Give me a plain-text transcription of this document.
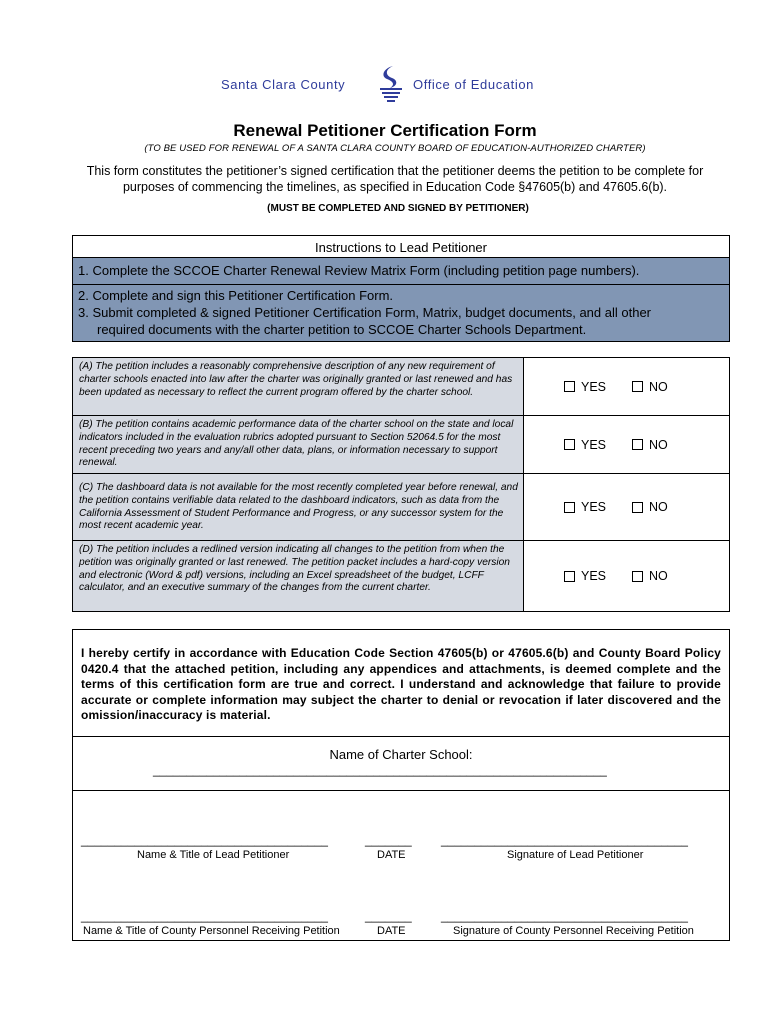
Santa Clara County	Office of Education
Renewal Petitioner Certification Form
(TO BE USED FOR RENEWAL OF A SANTA CLARA COUNTY BOARD OF EDUCATION-AUTHORIZED CHARTER)
This form constitutes the petitioner’s signed certification that the petitioner deems the petition to be complete for purposes of commencing the timelines, as specified in Education Code §47605(b) and 47605.6(b).
(MUST BE COMPLETED AND SIGNED BY PETITIONER)
Instructions to Lead Petitioner
1. Complete the SCCOE Charter Renewal Review Matrix Form (including petition page numbers).
2. Complete and sign this Petitioner Certification Form.
3. Submit completed & signed Petitioner Certification Form, Matrix, budget documents, and all other
required documents with the charter petition to SCCOE Charter Schools Department.
(A) The petition includes a reasonably comprehensive description of any new requirement of charter schools enacted into law after the charter was originally granted or last renewed and has been updated as necessary to reflect the current program offered by the charter school.	YES	NO
(B) The petition contains academic performance data of the charter school on the state and local indicators included in the evaluation rubrics adopted pursuant to Section 52064.5 for the most recent preceding two years and any/all other data, plans, or information necessary to support renewal.
YES	NO
(C) The dashboard data is not available for the most recently completed year before renewal, and the petition contains verifiable data related to the dashboard indicators, such as data from the California Assessment of Student Performance and Progress, or any successor system for the most recent academic year.
YES	NO
(D) The petition includes a redlined version indicating all changes to the petition from when the petition was originally granted or last renewed. The petition packet includes a hard-copy version and electronic (Word & pdf) versions, including an Excel spreadsheet of the budget, LCFF calculator, and an executive summary of the changes from the current charter.
YES	NO
I hereby certify in accordance with Education Code Section 47605(b) or 47605.6(b) and County Board Policy 0420.4 that the attached petition, including any appendices and attachments, is deemed complete and the terms of this certification form are true and correct. I understand and acknowledge that failure to provide accurate or complete information may subject the charter to denial or revocation if later discovered and the omission/inaccuracy is material.
Name of Charter School:
____________________________________________________________________
_____________________________________	_______ _____________________________________
Name & Title of Lead Petitioner	DATE	Signature of Lead Petitioner
_____________________________________	_______ _____________________________________
Name & Title of County Personnel Receiving Petition	DATE	Signature of County Personnel Receiving Petition
